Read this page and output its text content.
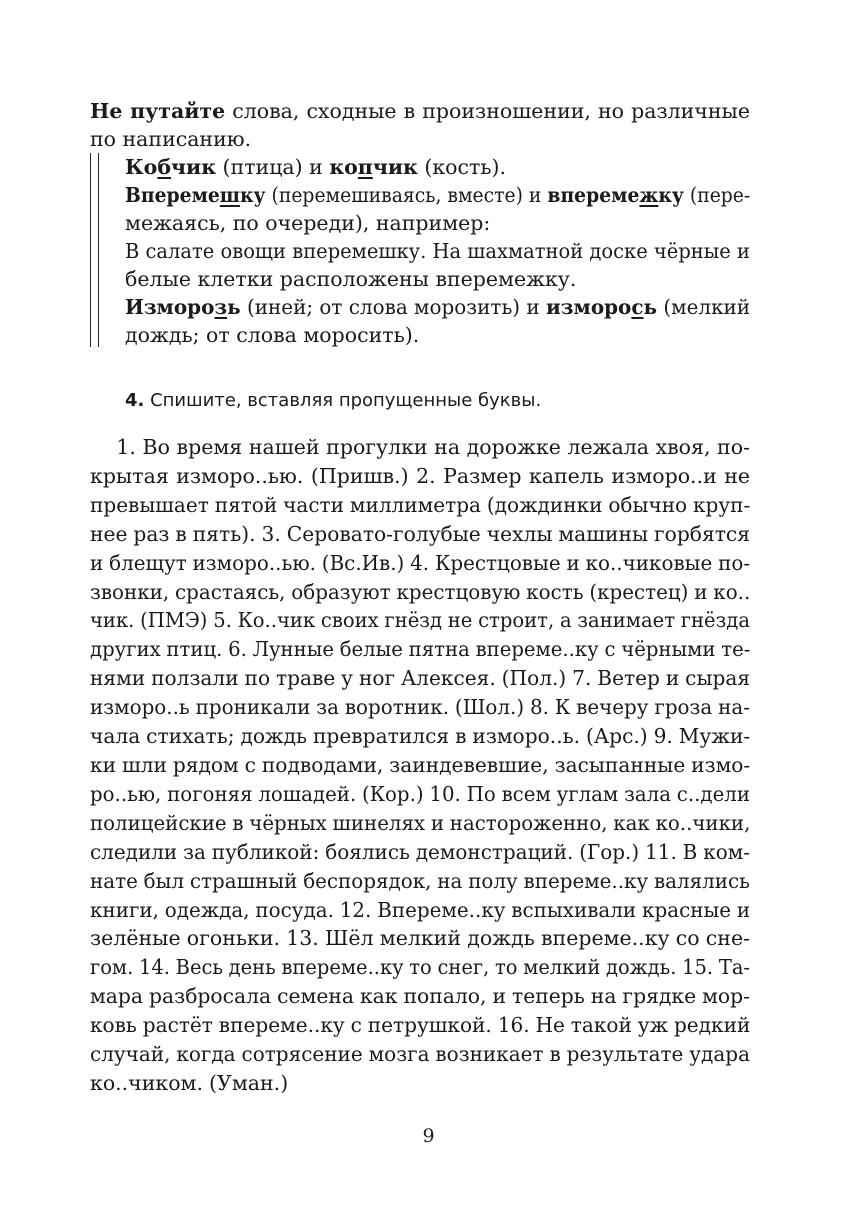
Не путайте слова, сходные в произношении, но различные по написанию.

Кобчик (птица) и копчик (кость).

Вперемешку (перемешиваясь, вместе) и вперемежку (пере-

межаясь, по очереди), например:

В салате овощи вперемешку. На шахматной доске чёрные и

белые клетки расположены вперемежку.

Изморозь (иней; от слова морозить) и изморось (мелкий

дождь; от слова моросить).

4. Спишите, вставляя пропущенные буквы.
1. Во время нашей прогулки на дорожке лежала хвоя, по-
крытая изморо..ью. (Пришв.) 2. Размер капель изморо..и не
превышает пятой части миллиметра (дождинки обычно круп-
нее раз в пять). 3. Серовато-голубые чехлы машины горбятся
и блещут изморо..ью. (Вс.Ив.) 4. Крестцовые и ко..чиковые по-
звонки, срастаясь, образуют крестцовую кость (крестец) и ко..
чик. (ПМЭ) 5. Ко..чик своих гнёзд не строит, а занимает гнёзда
других птиц. 6. Лунные белые пятна впереме..ку с чёрными те-
нями ползали по траве у ног Алексея. (Пол.) 7. Ветер и сырая
изморо..ь проникали за воротник. (Шол.) 8. К вечеру гроза на-
чала стихать; дождь превратился в изморо..ь. (Арс.) 9. Мужи-
ки шли рядом с подводами, заиндевевшие, засыпанные измо-
ро..ью, погоняя лошадей. (Кор.) 10. По всем углам зала с..дели
полицейские в чёрных шинелях и настороженно, как ко..чики,
следили за публикой: боялись демонстраций. (Гор.) 11. В ком-
нате был страшный беспорядок, на полу впереме..ку валялись
книги, одежда, посуда. 12. Впереме..ку вспыхивали красные и
зелёные огоньки. 13. Шёл мелкий дождь впереме..ку со сне-
гом. 14. Весь день впереме..ку то снег, то мелкий дождь. 15. Та-
мара разбросала семена как попало, и теперь на грядке мор-
ковь растёт впереме..ку с петрушкой. 16. Не такой уж редкий
случай, когда сотрясение мозга возникает в результате удара
ко..чиком. (Уман.)
9
